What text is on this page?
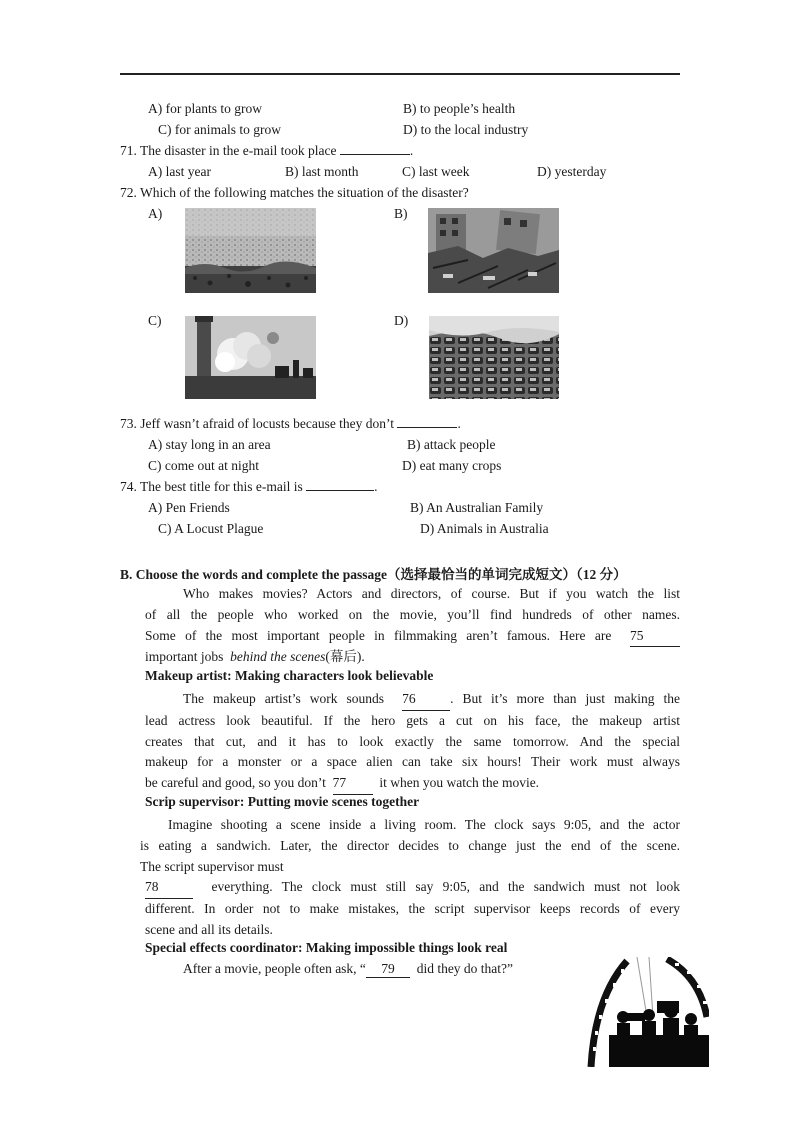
A) for plants to grow	B) to people’s health
C) for animals to grow	D) to the local industry
71. The disaster in the e-mail took place	.
A) last year	B) last month	C) last week	D) yesterday
72. Which of the following matches the situation of the disaster?
A)	B)
C)	D)
73. Jeff wasn’t afraid of locusts because they don’t	.
A) stay long in an area	B) attack people
C) come out at night	D) eat many crops
74. The best title for this e-mail is	.
A) Pen Friends	B) An Australian Family
C) A Locust Plague	D) Animals in Australia
B. Choose the words and complete the passage（选择最恰当的单词完成短文）（12 分）
Who makes movies? Actors and directors, of course. But if you watch the list
of all the people who worked on the movie, you’ll find hundreds of other names.
Some of the most important people in filmmaking aren’t famous. Here are 75
important jobs behind the scenes(幕后).
Makeup artist: Making characters look believable
The makeup artist’s work sounds 76	. But it’s more than just making the
lead actress look beautiful. If the hero gets a cut on his face, the makeup artist
creates that cut, and it has to look exactly the same tomorrow. And the special
makeup for a monster or a space alien can take six hours! Their work must always
be careful and good, so you don’t 77 it when you watch the movie.
Scrip supervisor: Putting movie scenes together
Imagine shooting a scene inside a living room. The clock says 9:05, and the actor
is eating a sandwich. Later, the director decides to change just the end of the scene.
The script supervisor must
78	everything. The clock must still say 9:05, and the sandwich must not look
different. In order not to make mistakes, the script supervisor keeps records of every
scene and all its details.
Special effects coordinator: Making impossible things look real
After a movie, people often ask, “ 79 did they do that?”
